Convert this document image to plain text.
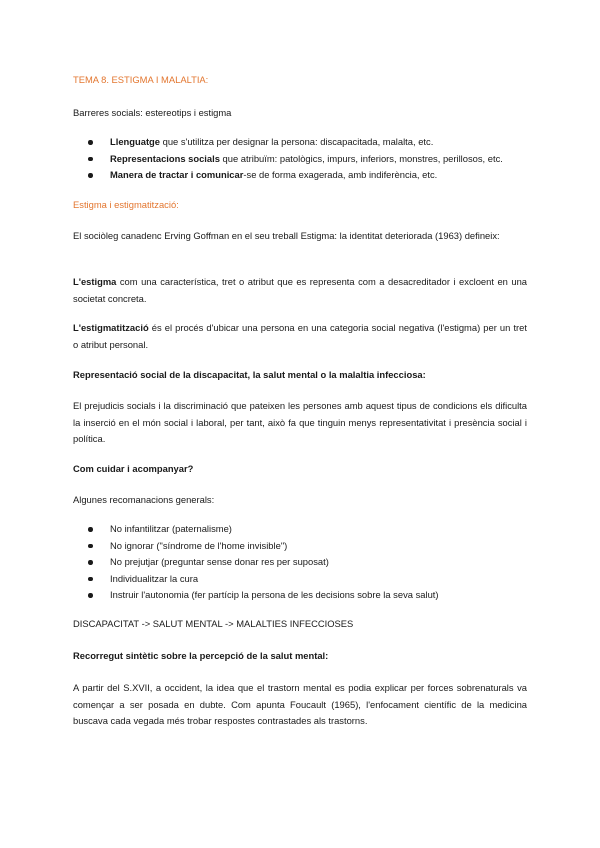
TEMA 8. ESTIGMA I MALALTIA:
Barreres socials: estereotips i estigma
Llenguatge que s'utilitza per designar la persona: discapacitada, malalta, etc.
Representacions socials que atribuïm: patològics, impurs, inferiors, monstres, perillosos, etc.
Manera de tractar i comunicar-se de forma exagerada, amb indiferència, etc.
Estigma i estigmatització:
El sociòleg canadenc Erving Goffman en el seu treball Estigma: la identitat deteriorada (1963) defineix:
L'estigma com una característica, tret o atribut que es representa com a desacreditador i excloent en una societat concreta.
L'estigmatització és el procés d'ubicar una persona en una categoria social negativa (l'estigma) per un tret o atribut personal.
Representació social de la discapacitat, la salut mental o la malaltia infecciosa:
El prejudicis socials i la discriminació que pateixen les persones amb aquest tipus de condicions els dificulta la inserció en el món social i laboral, per tant, això fa que tinguin menys representativitat i presència social i política.
Com cuidar i acompanyar?
Algunes recomanacions generals:
No infantilitzar (paternalisme)
No ignorar ("síndrome de l'home invisible")
No prejutjar (preguntar sense donar res per suposat)
Individualitzar la cura
Instruir l'autonomia (fer partícip la persona de les decisions sobre la seva salut)
DISCAPACITAT -> SALUT MENTAL -> MALALTIES INFECCIOSES
Recorregut sintètic sobre la percepció de la salut mental:
A partir del S.XVII, a occident, la idea que el trastorn mental es podia explicar per forces sobrenaturals va començar a ser posada en dubte. Com apunta Foucault (1965), l'enfocament científic de la medicina buscava cada vegada més trobar respostes contrastades als trastorns.
